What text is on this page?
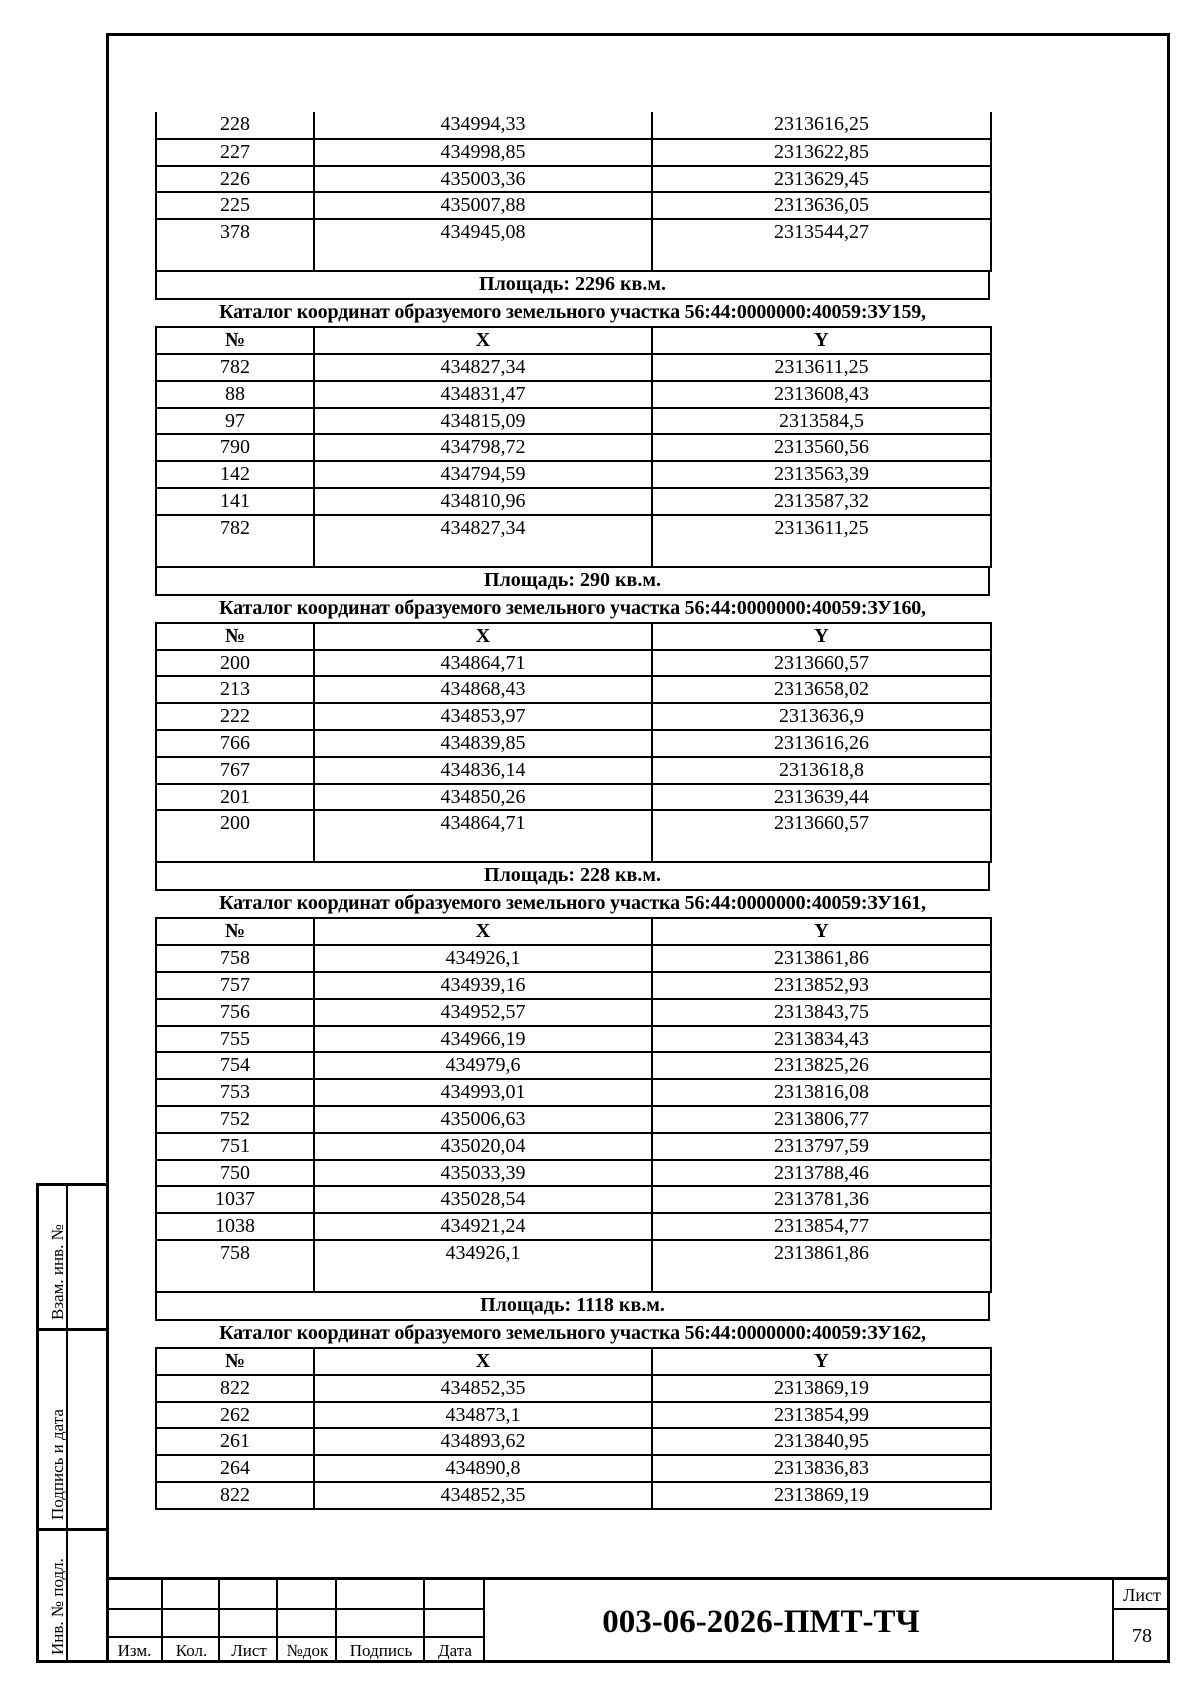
Взам. инв. №
Подпись и дата
Инв. № подл.
228	434994,33	2313616,25
227	434998,85	2313622,85
226	435003,36	2313629,45
225	435007,88	2313636,05
378	434945,08	2313544,27
Площадь: 2296 кв.м.
Каталог координат образуемого земельного участка 56:44:0000000:40059:ЗУ159,
№	X	Y
782	434827,34	2313611,25
88	434831,47	2313608,43
97	434815,09	2313584,5
790	434798,72	2313560,56
142	434794,59	2313563,39
141	434810,96	2313587,32
782	434827,34	2313611,25
Площадь: 290 кв.м.
Каталог координат образуемого земельного участка 56:44:0000000:40059:ЗУ160,
№	X	Y
200	434864,71	2313660,57
213	434868,43	2313658,02
222	434853,97	2313636,9
766	434839,85	2313616,26
767	434836,14	2313618,8
201	434850,26	2313639,44
200	434864,71	2313660,57
Площадь: 228 кв.м.
Каталог координат образуемого земельного участка 56:44:0000000:40059:ЗУ161,
№	X	Y
758	434926,1	2313861,86
757	434939,16	2313852,93
756	434952,57	2313843,75
755	434966,19	2313834,43
754	434979,6	2313825,26
753	434993,01	2313816,08
752	435006,63	2313806,77
751	435020,04	2313797,59
750	435033,39	2313788,46
1037	435028,54	2313781,36
1038	434921,24	2313854,77
758	434926,1	2313861,86
Площадь: 1118 кв.м.
Каталог координат образуемого земельного участка 56:44:0000000:40059:ЗУ162,
№	X	Y
822	434852,35	2313869,19
262	434873,1	2313854,99
261	434893,62	2313840,95
264	434890,8	2313836,83
822	434852,35	2313869,19
Изм.	Кол.	Лист	№док	Подпись	Дата
003-06-2026-ПМТ-ТЧ
Лист
78
